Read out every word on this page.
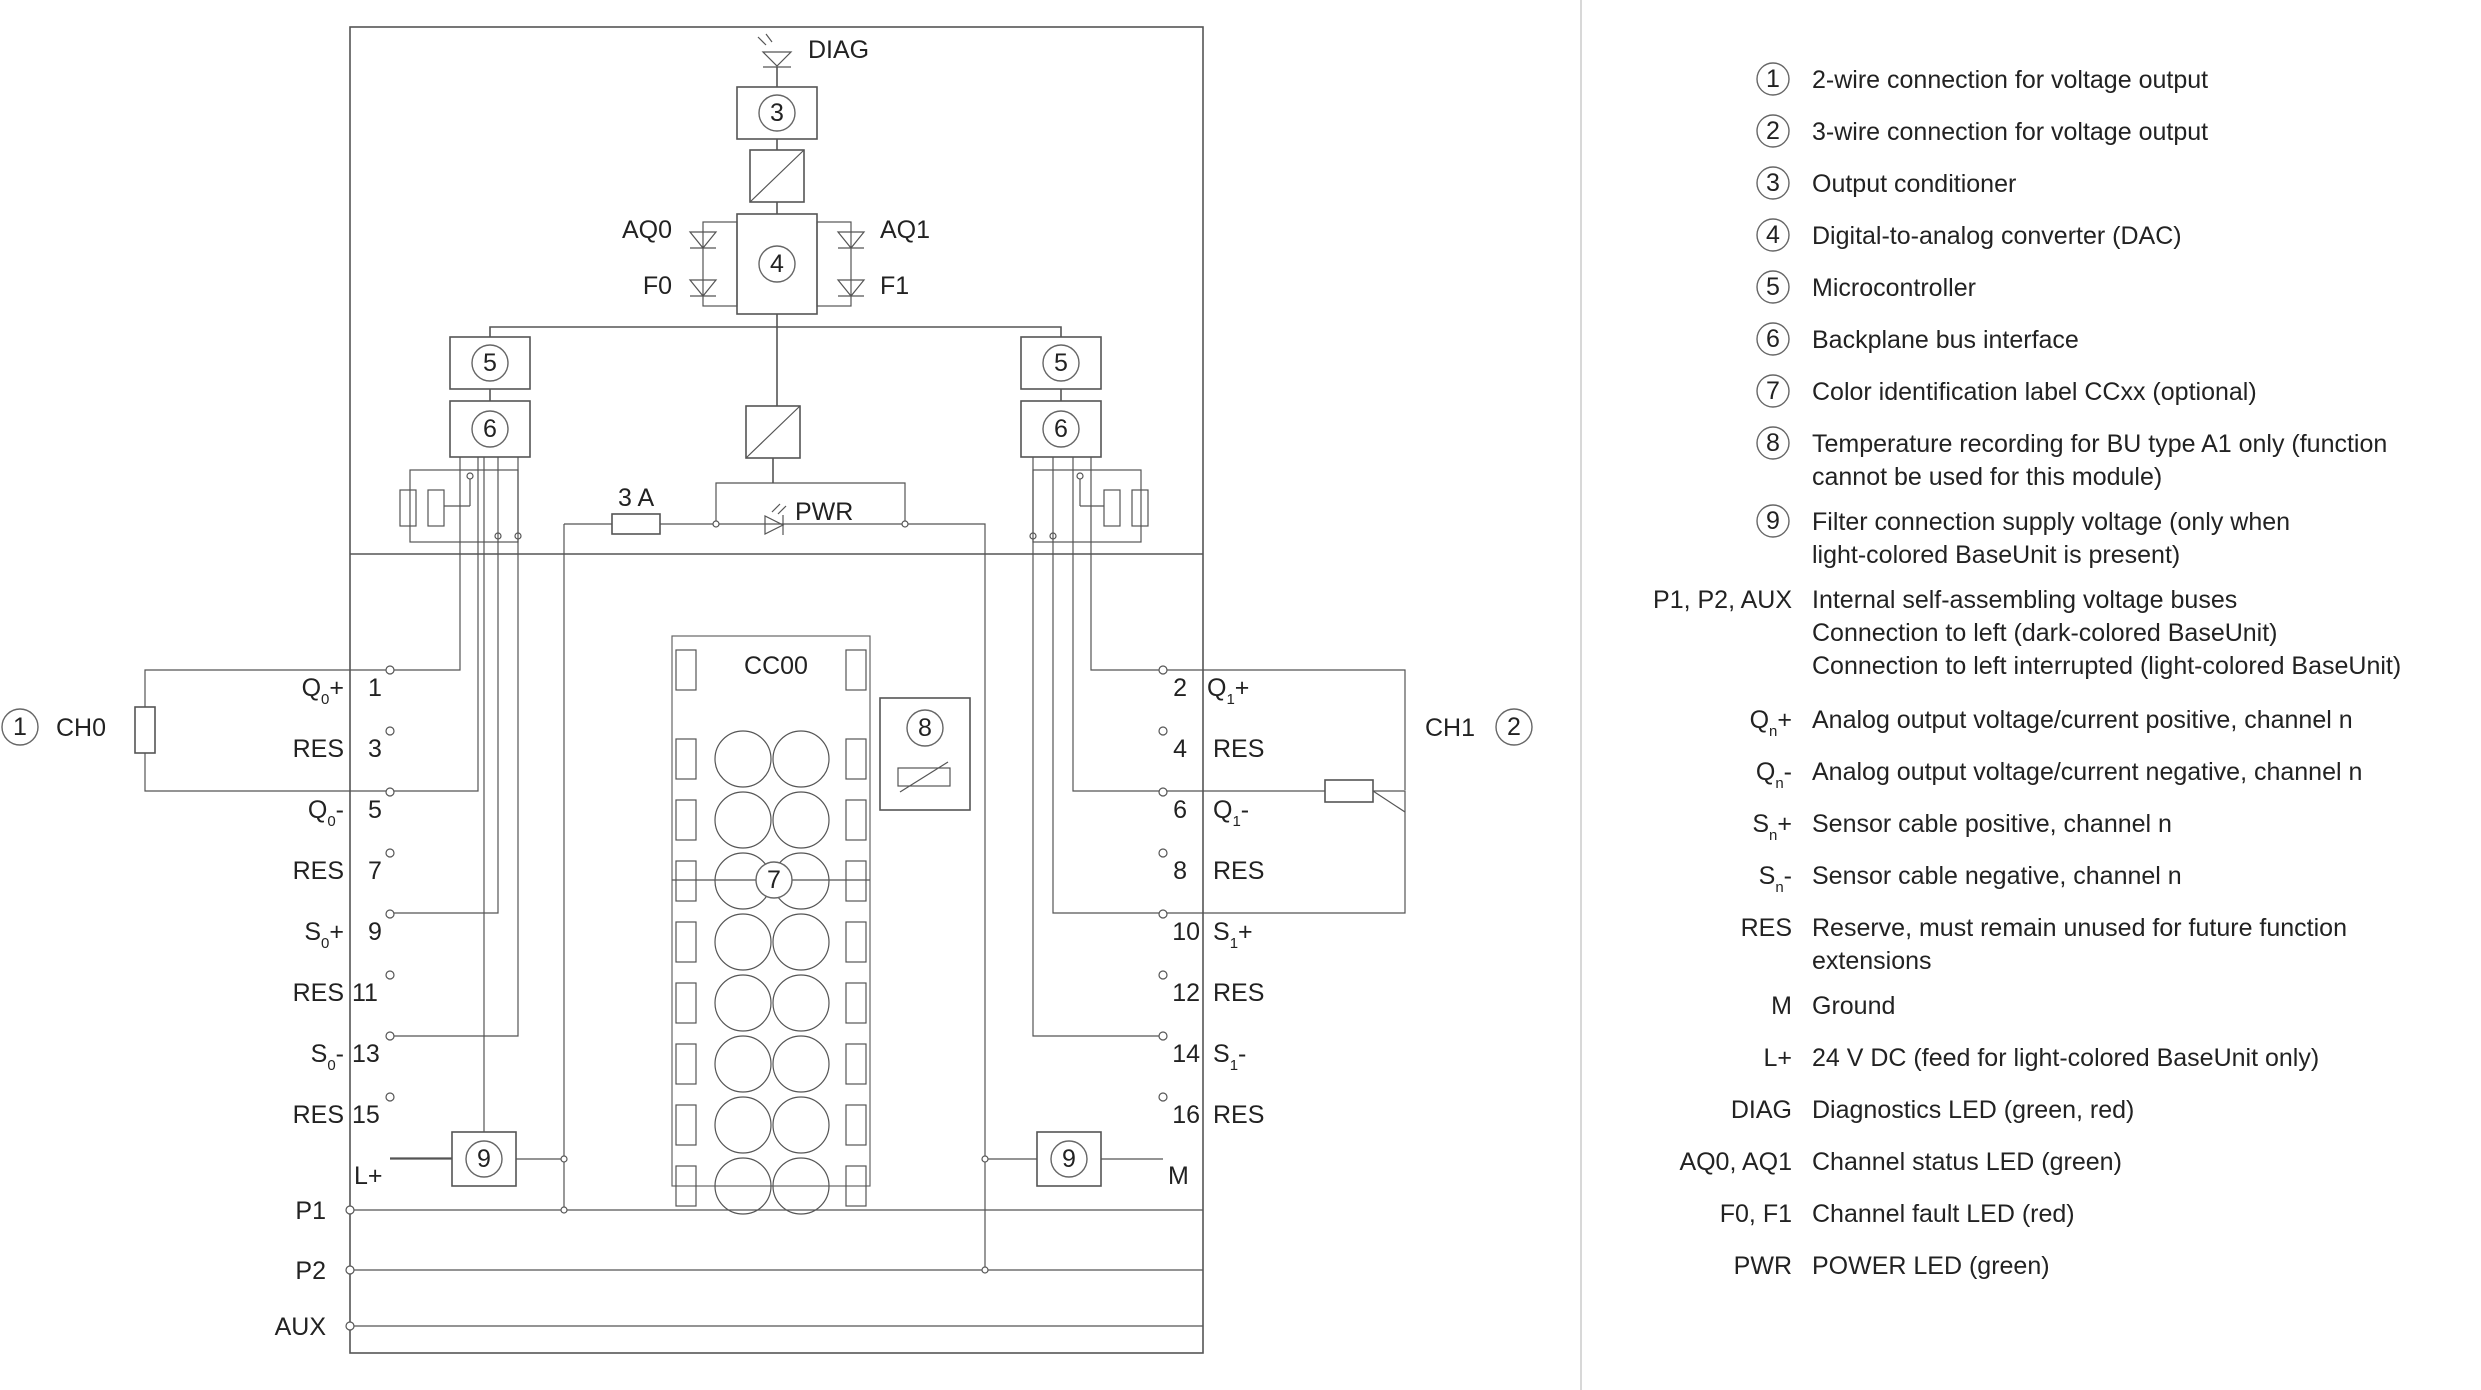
DIAG
3
4
AQ0	AQ1
F0	F1
5	5
6	6
PWR
3 A
$Q_0+ 1$
RES 3
$Q_0-$ 5
RES 7
$S_0+ 9$
RES 11
$S_0-$ 13
RES 15
L+
2 $Q_1+$
4 RES
6 $Q_1-$
8 RES
10 $S_1+$
12 RES
14 $S_1-$
16 RES
M
9	9
CC00
7
8
P1
P2
AUX
1 CH0	CH1 2
1 2-wire connection for voltage output
2 3-wire connection for voltage output
3 Output conditioner
4 Digital-to-analog converter (DAC)
5 Microcontroller
6 Backplane bus interface
7 Color identification label CCxx (optional)
8 Temperature recording for BU type A1 only (function
cannot be used for this module)
9 Filter connection supply voltage (only when
light-colored BaseUnit is present)
P1, P2, AUX Internal self-assembling voltage buses
Connection to left (dark-colored BaseUnit)
Connection to left interrupted (light-colored BaseUnit)
$Q_n+ Analog$ output voltage/current positive, channel n
$Q_n-$ Analog output voltage/current negative, channel n
$S_n+$ Sensor cable positive, channel n
$S_n-$ Sensor cable negative, channel n
RES Reserve, must remain unused for future function
extensions
M Ground
L+ 24 V DC (feed for light-colored BaseUnit only)
DIAG Diagnostics LED (green, red)
AQ0, AQ1 Channel status LED (green)
F0, F1 Channel fault LED (red)
PWR POWER LED (green)
